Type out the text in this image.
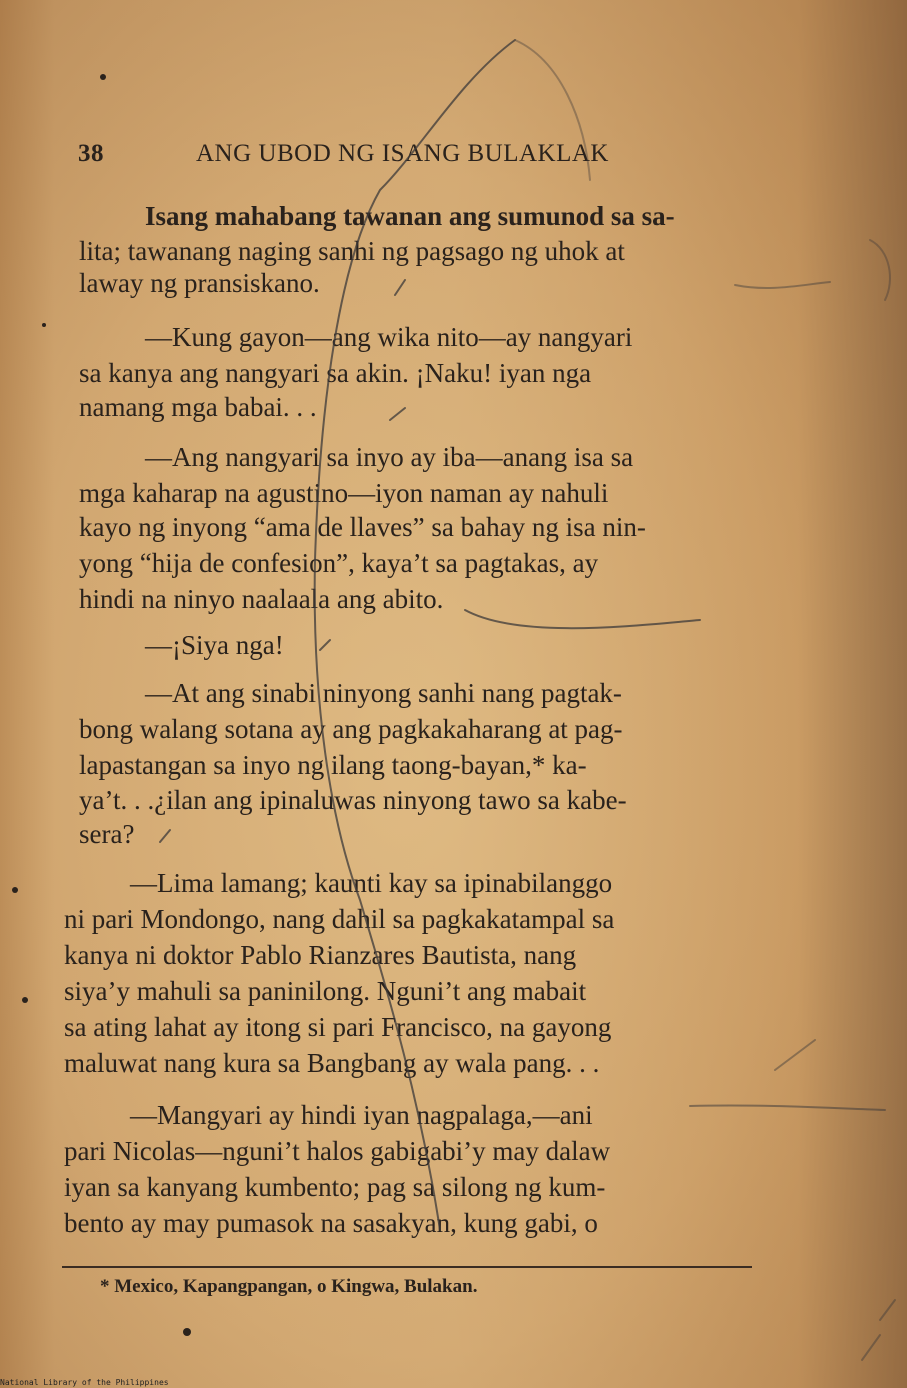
38	ANG UBOD NG ISANG BULAKLAK
Isang mahabang tawanan ang sumunod sa sa-
lita; tawanang naging sanhi ng pagsago ng uhok at
laway ng pransiskano.
—Kung gayon—ang wika nito—ay nangyari
sa kanya ang nangyari sa akin. ¡Naku! iyan nga
namang mga babai. . .
—Ang nangyari sa inyo ay iba—anang isa sa
mga kaharap na agustino—iyon naman ay nahuli
kayo ng inyong “ama de llaves” sa bahay ng isa nin-
yong “hija de confesion”, kaya’t sa pagtakas, ay
hindi na ninyo naalaala ang abito.
—¡Siya nga!
—At ang sinabi ninyong sanhi nang pagtak-
bong walang sotana ay ang pagkakaharang at pag-
lapastangan sa inyo ng ilang taong-bayan,* ka-
ya’t. . .¿ilan ang ipinaluwas ninyong tawo sa kabe-
sera?
—Lima lamang; kaunti kay sa ipinabilanggo
ni pari Mondongo, nang dahil sa pagkakatampal sa
kanya ni doktor Pablo Rianzares Bautista, nang
siya’y mahuli sa paninilong. Nguni’t ang mabait
sa ating lahat ay itong si pari Francisco, na gayong
maluwat nang kura sa Bangbang ay wala pang. . .
—Mangyari ay hindi iyan nagpalaga,—ani
pari Nicolas—nguni’t halos gabigabi’y may dalaw
iyan sa kanyang kumbento; pag sa silong ng kum-
bento ay may pumasok na sasakyan, kung gabi, o
* Mexico, Kapangpangan, o Kingwa, Bulakan.
National Library of the Philippines
